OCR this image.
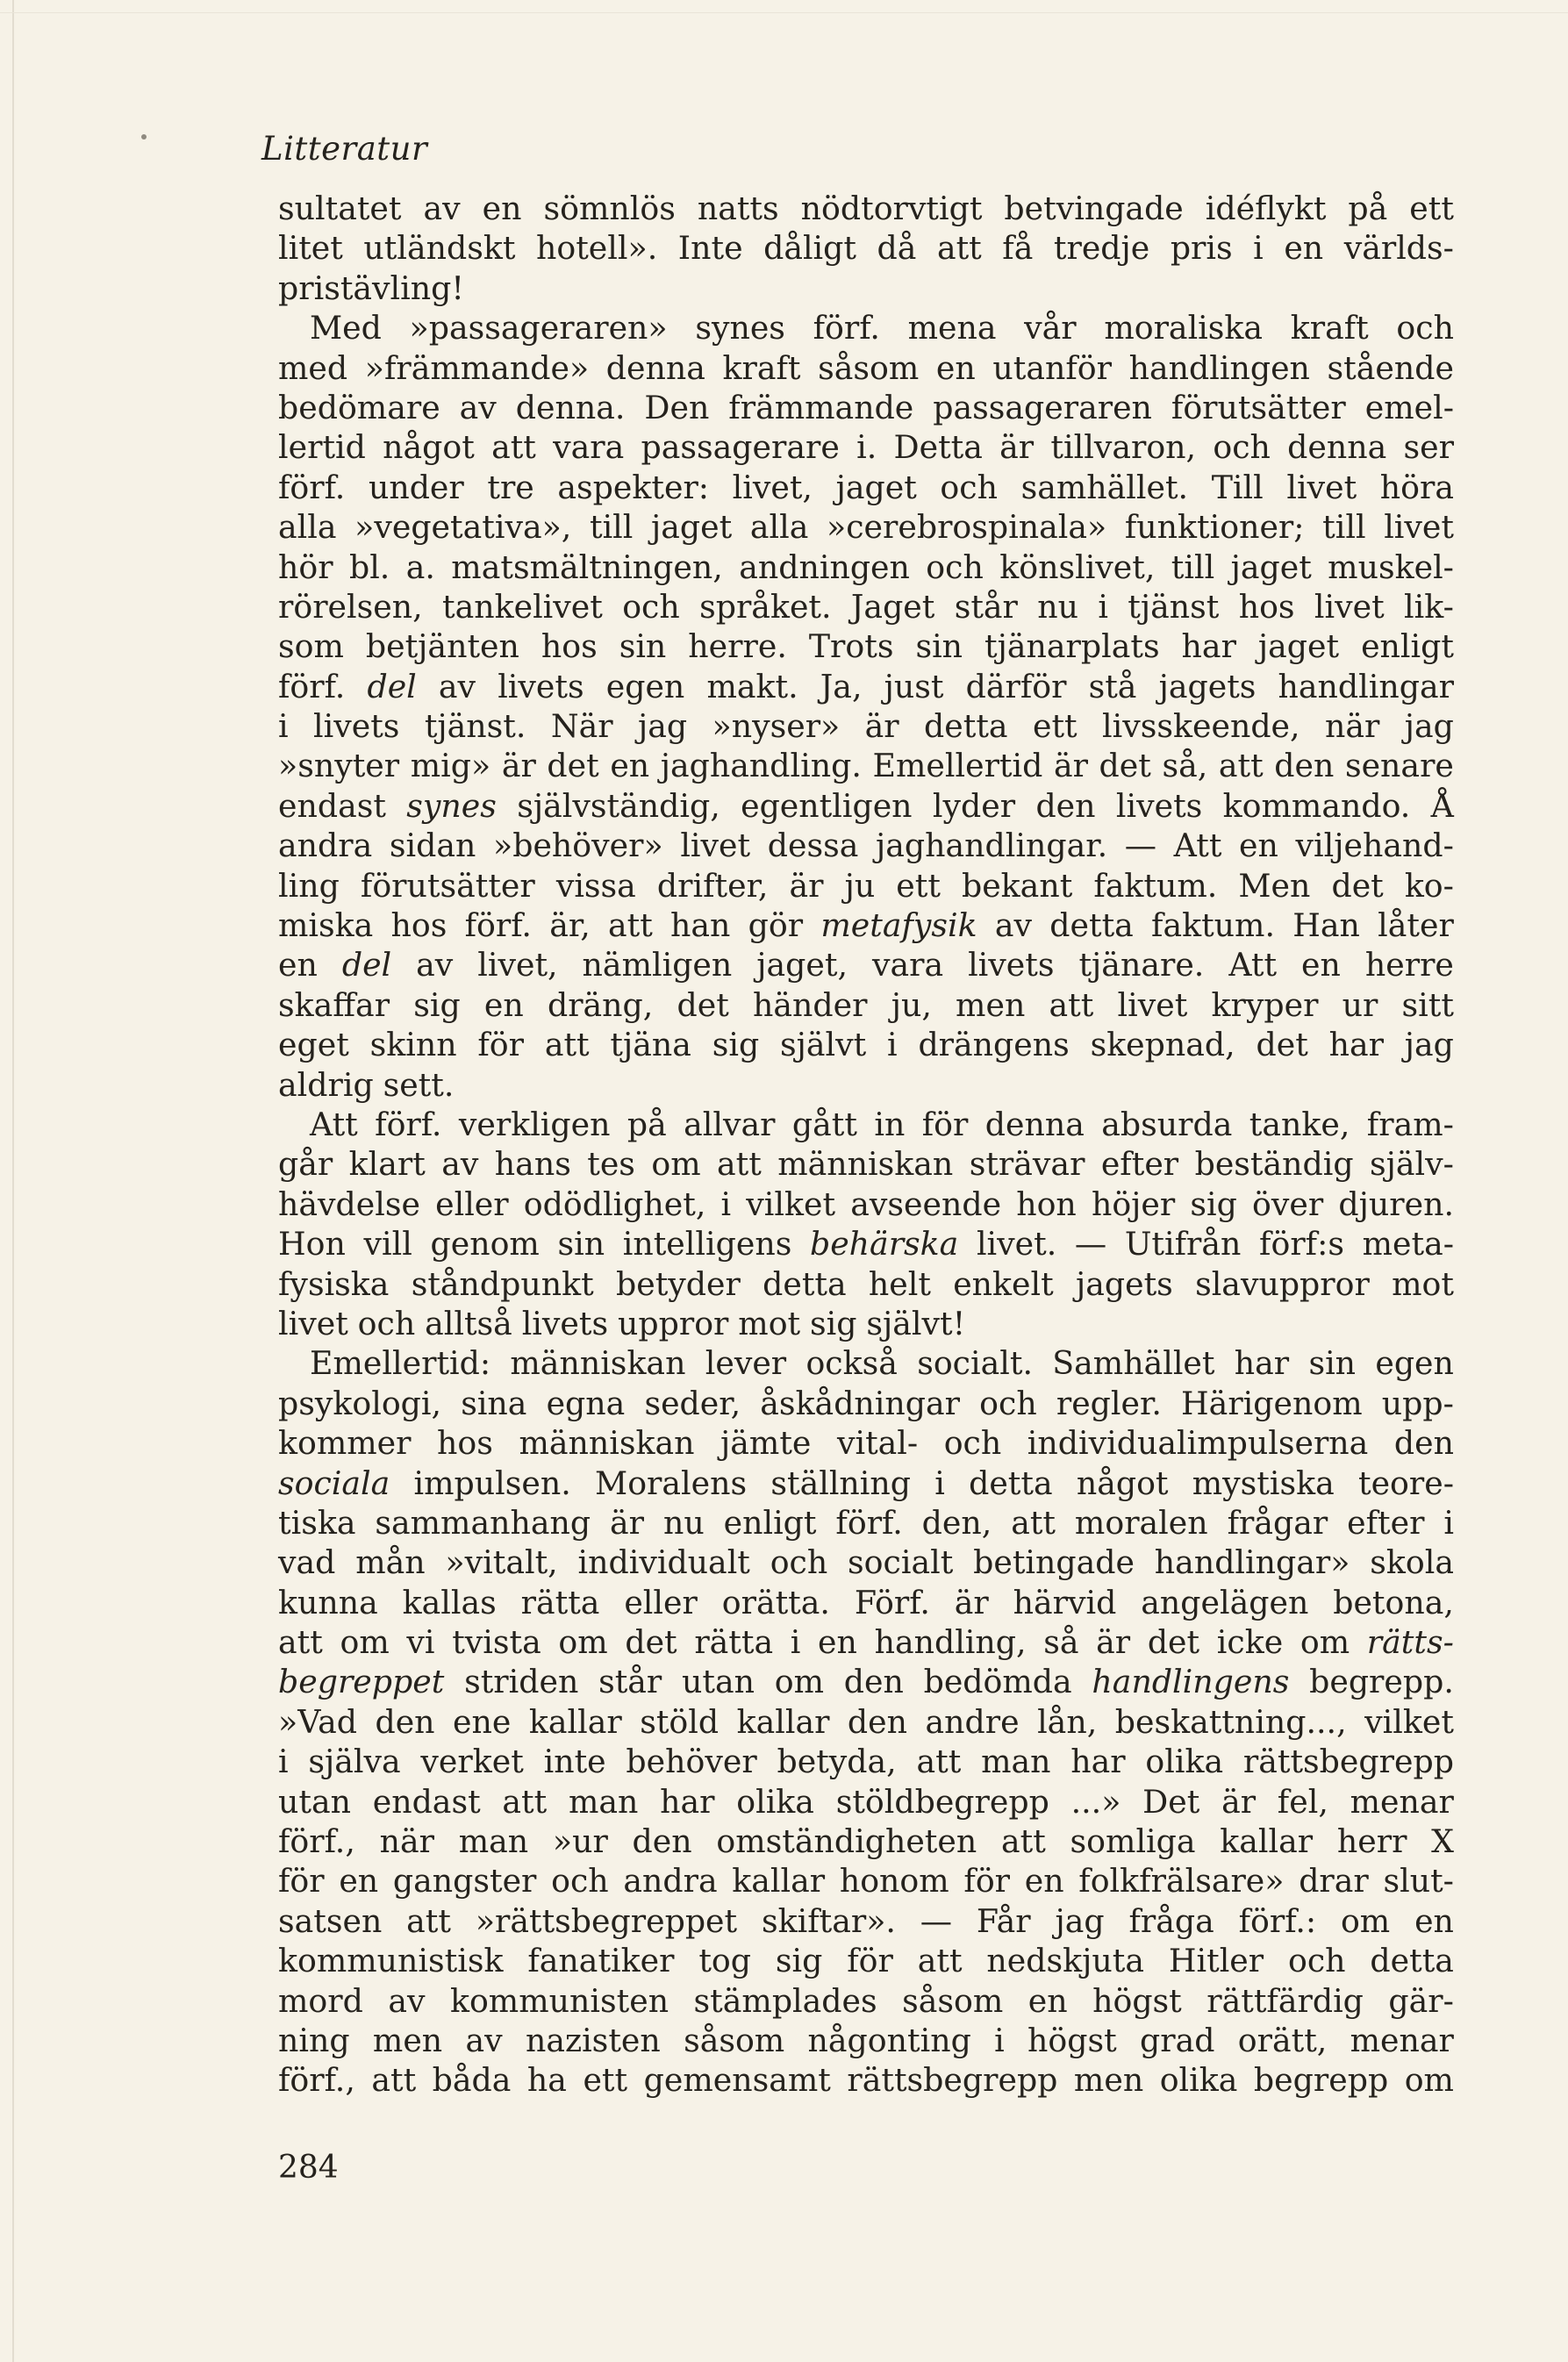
Litteratur
sultatet av en sömnlös natts nödtorvtigt betvingade idéflykt på ett
litet utländskt hotell». Inte dåligt då att få tredje pris i en världs-
pristävling!
Med »passageraren» synes förf. mena vår moraliska kraft och
med »främmande» denna kraft såsom en utanför handlingen stående
bedömare av denna. Den främmande passageraren förutsätter emel-
lertid något att vara passagerare i. Detta är tillvaron, och denna ser
förf. under tre aspekter: livet, jaget och samhället. Till livet höra
alla »vegetativa», till jaget alla »cerebrospinala» funktioner; till livet
hör bl. a. matsmältningen, andningen och könslivet, till jaget muskel-
rörelsen, tankelivet och språket. Jaget står nu i tjänst hos livet lik-
som betjänten hos sin herre. Trots sin tjänarplats har jaget enligt
förf. del av livets egen makt. Ja, just därför stå jagets handlingar
i livets tjänst. När jag »nyser» är detta ett livsskeende, när jag
»snyter mig» är det en jaghandling. Emellertid är det så, att den senare
endast synes självständig, egentligen lyder den livets kommando. Å
andra sidan »behöver» livet dessa jaghandlingar. — Att en viljehand-
ling förutsätter vissa drifter, är ju ett bekant faktum. Men det ko-
miska hos förf. är, att han gör metafysik av detta faktum. Han låter
en del av livet, nämligen jaget, vara livets tjänare. Att en herre
skaffar sig en dräng, det händer ju, men att livet kryper ur sitt
eget skinn för att tjäna sig självt i drängens skepnad, det har jag
aldrig sett.
Att förf. verkligen på allvar gått in för denna absurda tanke, fram-
går klart av hans tes om att människan strävar efter beständig själv-
hävdelse eller odödlighet, i vilket avseende hon höjer sig över djuren.
Hon vill genom sin intelligens behärska livet. — Utifrån förf:s meta-
fysiska ståndpunkt betyder detta helt enkelt jagets slavuppror mot
livet och alltså livets uppror mot sig självt!
Emellertid: människan lever också socialt. Samhället har sin egen
psykologi, sina egna seder, åskådningar och regler. Härigenom upp-
kommer hos människan jämte vital- och individualimpulserna den
sociala impulsen. Moralens ställning i detta något mystiska teore-
tiska sammanhang är nu enligt förf. den, att moralen frågar efter i
vad mån »vitalt, individualt och socialt betingade handlingar» skola
kunna kallas rätta eller orätta. Förf. är härvid angelägen betona,
att om vi tvista om det rätta i en handling, så är det icke om rätts-
begreppet striden står utan om den bedömda handlingens begrepp.
»Vad den ene kallar stöld kallar den andre lån, beskattning..., vilket
i själva verket inte behöver betyda, att man har olika rättsbegrepp
utan endast att man har olika stöldbegrepp ...» Det är fel, menar
förf., när man »ur den omständigheten att somliga kallar herr X
för en gangster och andra kallar honom för en folkfrälsare» drar slut-
satsen att »rättsbegreppet skiftar». — Får jag fråga förf.: om en
kommunistisk fanatiker tog sig för att nedskjuta Hitler och detta
mord av kommunisten stämplades såsom en högst rättfärdig gär-
ning men av nazisten såsom någonting i högst grad orätt, menar
förf., att båda ha ett gemensamt rättsbegrepp men olika begrepp om
284
